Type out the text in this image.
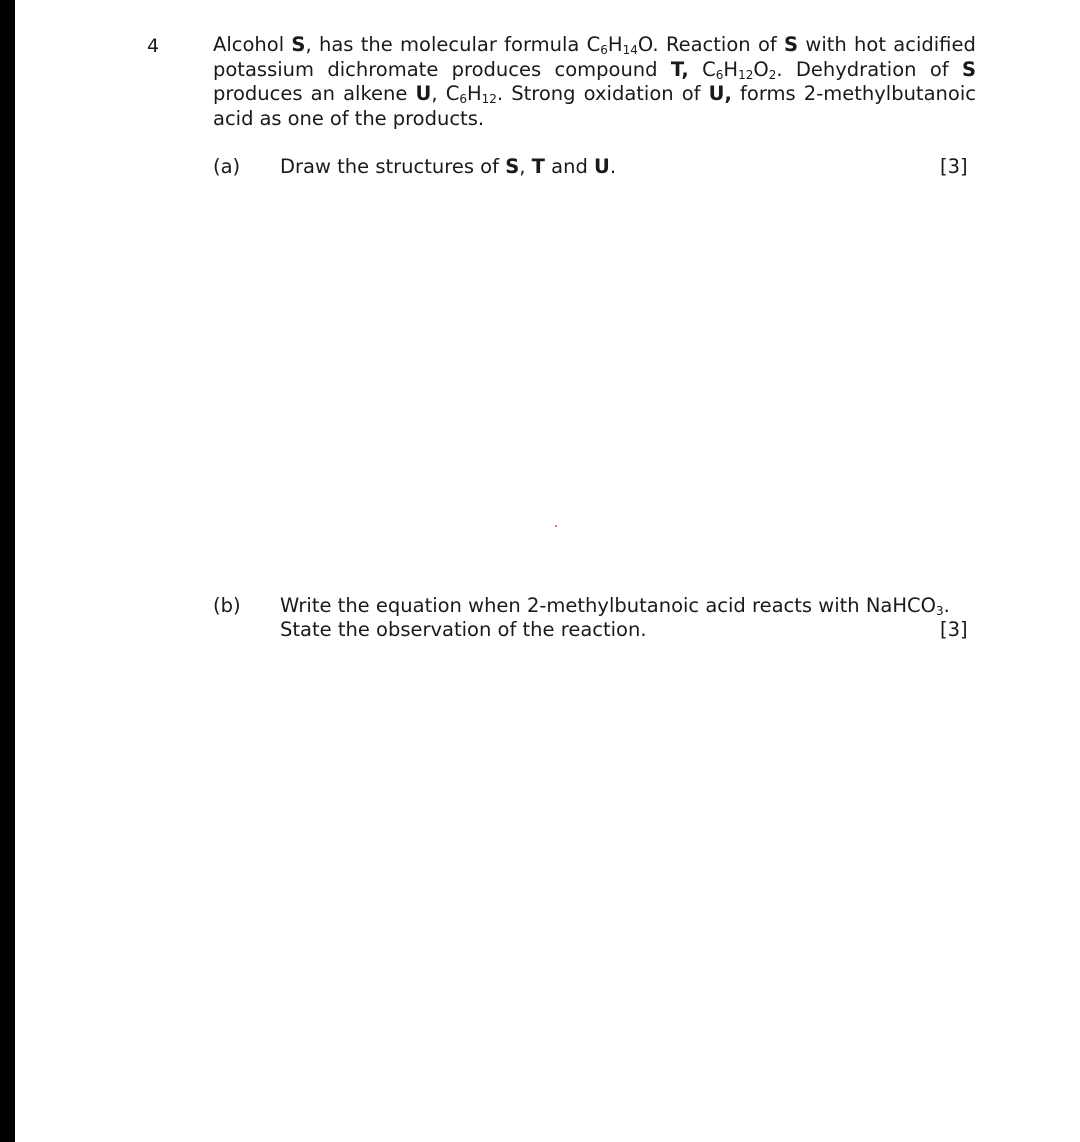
4	Alcohol S, has the molecular formula $C_6H_{14}O$. Reaction of S with hot acidified
potassium dichromate produces compound T, $C_6H_{12}O_2$. Dehydration of S
produces an alkene U, $C_6H_{12}$. Strong oxidation of U, forms 2-methylbutanoic
acid as one of the products.
(a) Draw the structures of S, T and U.	[3]
(b) Write the equation when 2-methylbutanoic acid reacts with NaHCO$_3$.
State the observation of the reaction.	[3]
